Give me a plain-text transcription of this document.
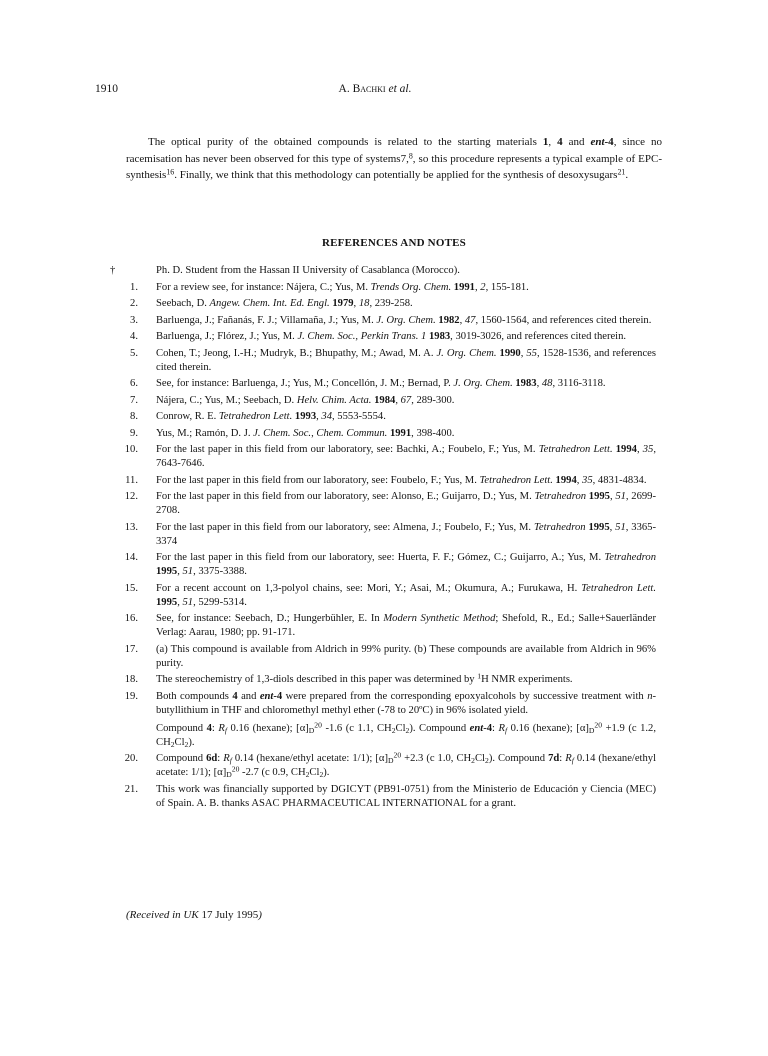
1910	A. Bachki et al.

The optical purity of the obtained compounds is related to the starting materials 1, 4 and ent-4, since no racemisation has never been observed for this type of systems7,$^8$, so this procedure represents a typical example of EPC-synthesis$^{16}$. Finally, we think that this methodology can potentially be applied for the synthesis of desoxysugars$^{21}$.

REFERENCES AND NOTES

†	Ph. D. Student from the Hassan II University of Casablanca (Morocco).
1. For a review see, for instance: Nájera, C.; Yus, M. Trends Org. Chem. 1991, 2, 155-181.
2. Seebach, D. Angew. Chem. Int. Ed. Engl. 1979, 18, 239-258.
3. Barluenga, J.; Fañanás, F. J.; Villamaña, J.; Yus, M. J. Org. Chem. 1982, 47, 1560-1564, and references cited therein.
4. Barluenga, J.; Flórez, J.; Yus, M. J. Chem. Soc., Perkin Trans. 1 1983, 3019-3026, and references cited therein.
5. Cohen, T.; Jeong, I.-H.; Mudryk, B.; Bhupathy, M.; Awad, M. A. J. Org. Chem. 1990, 55, 1528-1536, and references cited therein.
6. See, for instance: Barluenga, J.; Yus, M.; Concellón, J. M.; Bernad, P. J. Org. Chem. 1983, 48, 3116-3118.
7. Nájera, C.; Yus, M.; Seebach, D. Helv. Chim. Acta. 1984, 67, 289-300.
8. Conrow, R. E. Tetrahedron Lett. 1993, 34, 5553-5554.
9. Yus, M.; Ramón, D. J. J. Chem. Soc., Chem. Commun. 1991, 398-400.
10. For the last paper in this field from our laboratory, see: Bachki, A.; Foubelo, F.; Yus, M. Tetrahedron Lett. 1994, 35, 7643-7646.
11. For the last paper in this field from our laboratory, see: Foubelo, F.; Yus, M. Tetrahedron Lett. 1994, 35, 4831-4834.
12. For the last paper in this field from our laboratory, see: Alonso, E.; Guijarro, D.; Yus, M. Tetrahedron 1995, 51, 2699-2708.
13. For the last paper in this field from our laboratory, see: Almena, J.; Foubelo, F.; Yus, M. Tetrahedron 1995, 51, 3365-3374
14. For the last paper in this field from our laboratory, see: Huerta, F. F.; Gómez, C.; Guijarro, A.; Yus, M. Tetrahedron 1995, 51, 3375-3388.
15. For a recent account on 1,3-polyol chains, see: Mori, Y.; Asai, M.; Okumura, A.; Furukawa, H. Tetrahedron Lett. 1995, 51, 5299-5314.
16. See, for instance: Seebach, D.; Hungerbühler, E. In Modern Synthetic Method; Shefold, R., Ed.; Salle+Sauerländer Verlag: Aarau, 1980; pp. 91-171.
17. (a) This compound is available from Aldrich in 99% purity. (b) These compounds are available from Aldrich in 96% purity.
18. The stereochemistry of 1,3-diols described in this paper was determined by $^1$H NMR experiments.
19. Both compounds 4 and ent-4 were prepared from the corresponding epoxyalcohols by successive treatment with n-butyllithium in THF and chloromethyl methyl ether (-78 to 20ºC) in 96% isolated yield.
Compound 4: $R_f$ 0.16 (hexane); $[\alpha]_D^{20}$ -1.6 (c 1.1, $CH_2Cl_2$). Compound ent-4: $R_f$ 0.16 (hexane); $[\alpha]_D^{20} +1.9$ (c 1.2, $CH_2Cl_2$).
20. Compound 6d: $R_f$ 0.14 (hexane/ethyl acetate: 1/1); $[\alpha]_D^{20} +2.3$ (c 1.0, $CH_2Cl_2$). Compound 7d: $R_f$ 0.14 (hexane/ethyl acetate: 1/1); $[\alpha]_D^{20}$ -2.7 (c 0.9, $CH_2Cl_2$).
21. This work was financially supported by DGICYT (PB91-0751) from the Ministerio de Educación y Ciencia (MEC) of Spain. A. B. thanks ASAC PHARMACEUTICAL INTERNATIONAL for a grant.

(Received in UK 17 July 1995)
